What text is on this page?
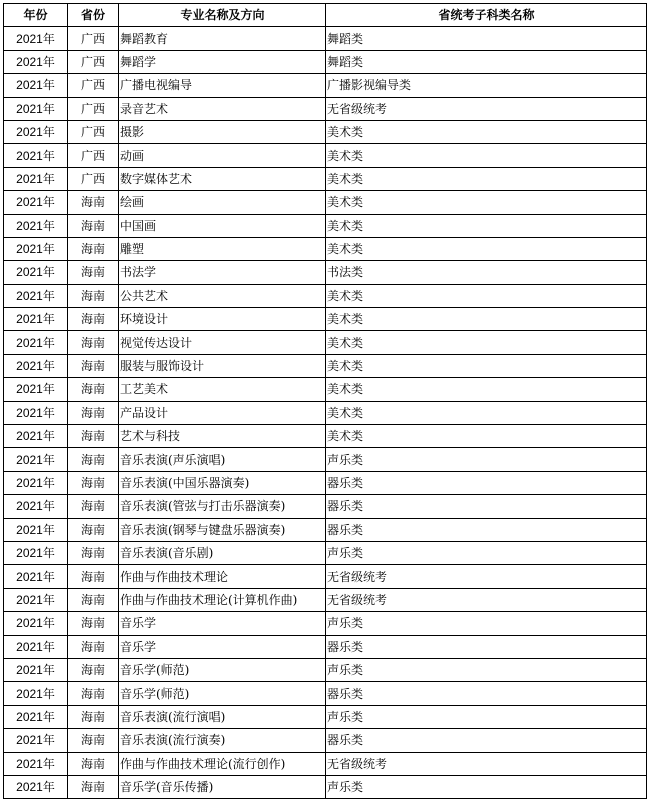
年份	省份	专业名称及方向	省统考子科类名称
2021年	广西	舞蹈教育	舞蹈类
2021年	广西	舞蹈学	舞蹈类
2021年	广西	广播电视编导	广播影视编导类
2021年	广西	录音艺术	无省级统考
2021年	广西	摄影	美术类
2021年	广西	动画	美术类
2021年	广西	数字媒体艺术	美术类
2021年	海南	绘画	美术类
2021年	海南	中国画	美术类
2021年	海南	雕塑	美术类
2021年	海南	书法学	书法类
2021年	海南	公共艺术	美术类
2021年	海南	环境设计	美术类
2021年	海南	视觉传达设计	美术类
2021年	海南	服装与服饰设计	美术类
2021年	海南	工艺美术	美术类
2021年	海南	产品设计	美术类
2021年	海南	艺术与科技	美术类
2021年	海南	音乐表演(声乐演唱)	声乐类
2021年	海南	音乐表演(中国乐器演奏)	器乐类
2021年	海南	音乐表演(管弦与打击乐器演奏)	器乐类
2021年	海南	音乐表演(钢琴与键盘乐器演奏)	器乐类
2021年	海南	音乐表演(音乐剧)	声乐类
2021年	海南	作曲与作曲技术理论	无省级统考
2021年	海南	作曲与作曲技术理论(计算机作曲)	无省级统考
2021年	海南	音乐学	声乐类
2021年	海南	音乐学	器乐类
2021年	海南	音乐学(师范)	声乐类
2021年	海南	音乐学(师范)	器乐类
2021年	海南	音乐表演(流行演唱)	声乐类
2021年	海南	音乐表演(流行演奏)	器乐类
2021年	海南	作曲与作曲技术理论(流行创作)	无省级统考
2021年	海南	音乐学(音乐传播)	声乐类
